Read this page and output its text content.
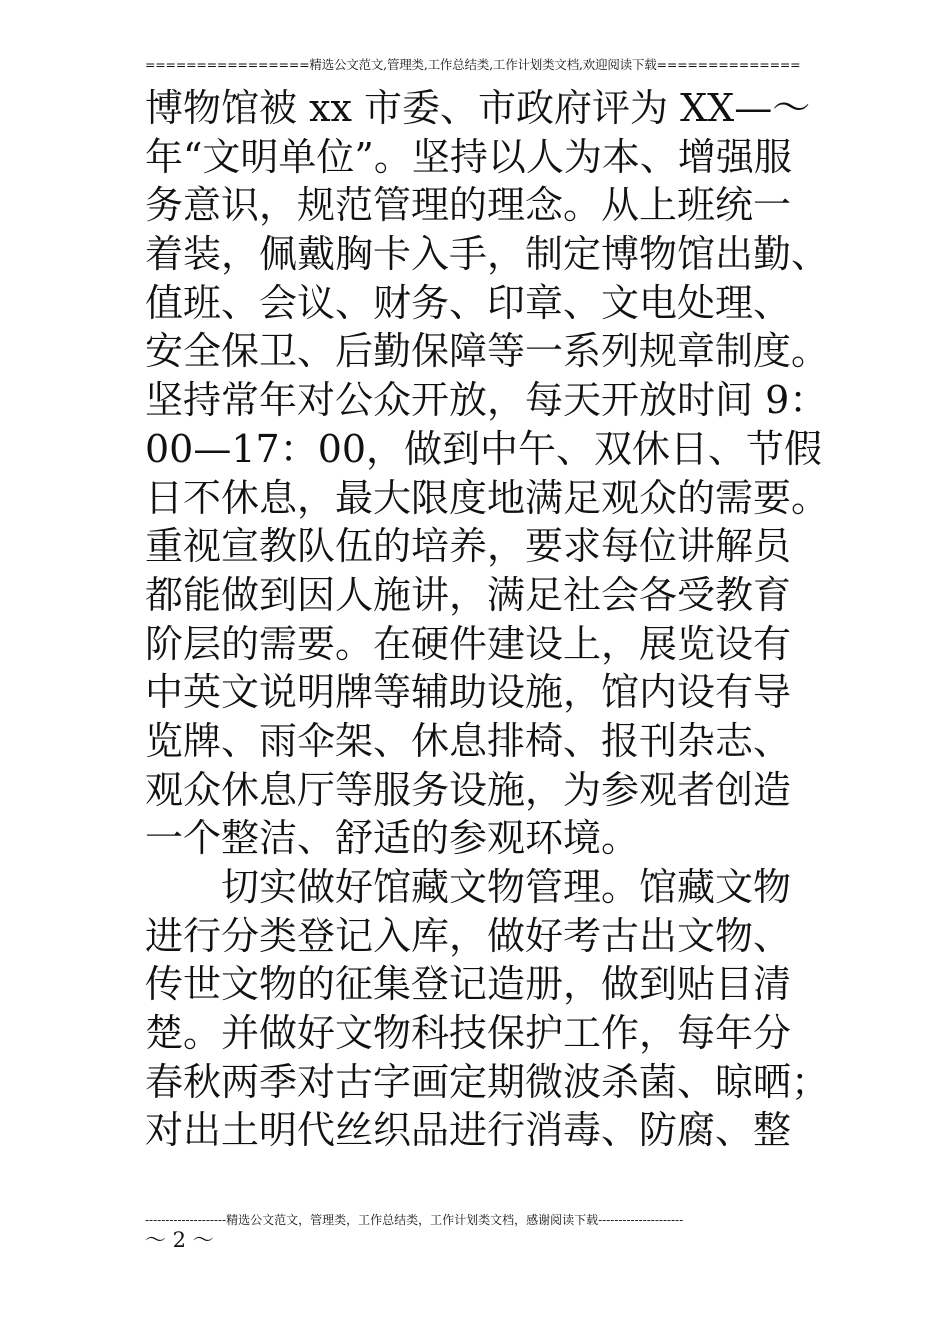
================精选公文范文,管理类,工作总结类,工作计划类文档,欢迎阅读下载==============
博物馆被 xx 市委、市政府评为 XX—～
年“文明单位”。坚持以人为本、增强服
务意识，规范管理的理念。从上班统一
着装，佩戴胸卡入手，制定博物馆出勤、
值班、会议、财务、印章、文电处理、
安全保卫、后勤保障等一系列规章制度。
坚持常年对公众开放，每天开放时间 9：
00—17：00，做到中午、双休日、节假
日不休息，最大限度地满足观众的需要。
重视宣教队伍的培养，要求每位讲解员
都能做到因人施讲，满足社会各受教育
阶层的需要。在硬件建设上，展览设有
中英文说明牌等辅助设施，馆内设有导
览牌、雨伞架、休息排椅、报刊杂志、
观众休息厅等服务设施，为参观者创造
一个整洁、舒适的参观环境。
　　切实做好馆藏文物管理。馆藏文物
进行分类登记入库，做好考古出文物、
传世文物的征集登记造册，做到贴目清
楚。并做好文物科技保护工作，每年分
春秋两季对古字画定期微波杀菌、晾晒；
对出土明代丝织品进行消毒、防腐、整
--------------------精选公文范文，管理类，工作总结类，工作计划类文档，感谢阅读下载---------------------
～ 2 ～
